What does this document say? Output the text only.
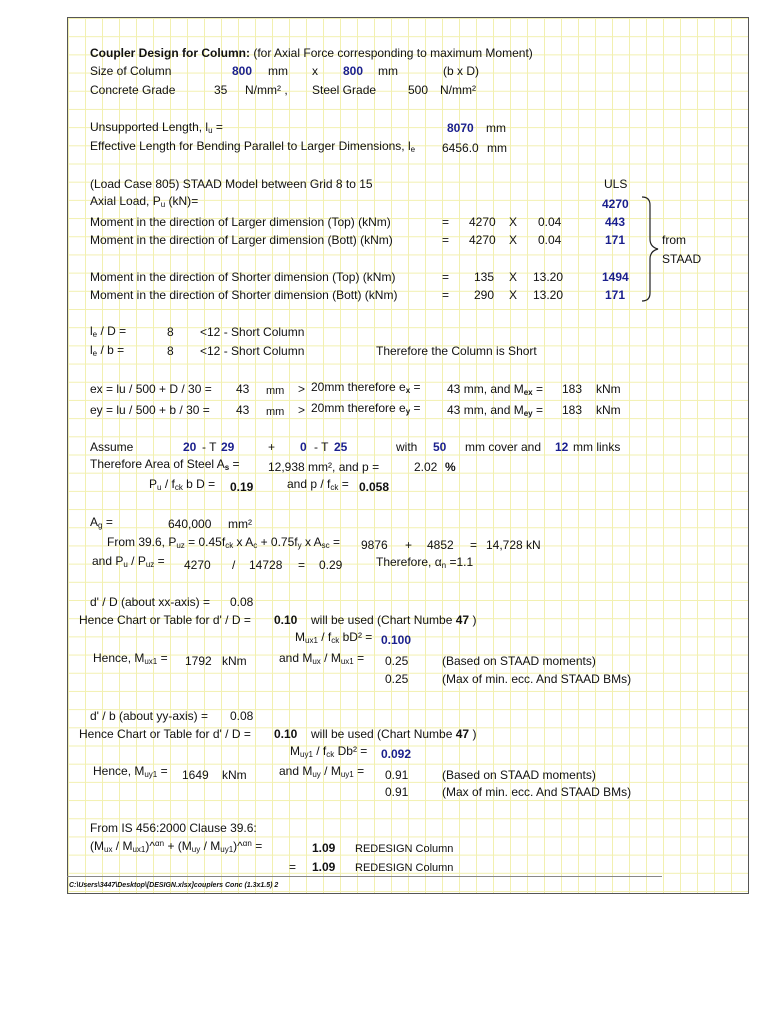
Coupler Design for Column: (for Axial Force corresponding to maximum Moment)
Size of Column	800 mm x 800 mm	(b x D)
Concrete Grade	35 N/mm² , Steel Grade	500 N/mm²
Unsupported Length, $l_u$ =	8070 mm
Effective Length for Bending Parallel to Larger Dimensions, $l_e$ 6456.0 mm
(Load Case 805) STAAD Model between Grid 8 to 15	ULS
Axial Load, $P_u$ (kN)=	4270
Moment in the direction of Larger dimension (Top) (kNm)	= 4270 X 0.04	443
Moment in the direction of Larger dimension (Bott) (kNm)	= 4270 X 0.04	171
Moment in the direction of Shorter dimension (Top) (kNm)	= 135 X 13.20	1494
Moment in the direction of Shorter dimension (Bott) (kNm)	= 290 X 13.20	171
from
STAAD
$l_e$ / D =	8 <12 - Short Column
$l_e$ / b =	8 <12 - Short Column	Therefore the Column is Short
ex = lu / 500 + D / 30 = 43 mm > 20mm therefore $e_x = 43$ mm, and $M_{ex} = 183$ kNm
ey = lu / 500 + b / 30 = 43 mm > 20mm therefore $e_y = 43$ mm, and $M_{ey} = 183$ kNm
Assume	20 - T 29	+ 0 - T 25	with 50 mm cover and 12 mm links
Therefore Area of Steel $A_s = 12,938$ mm², and p =	2.02 %
$P_u / f_{ck}$ b D = 0.19	and $p / f_{ck} = 0.058$
$A_g$ =	640,000 mm²
From 39.6, $P_{uz} = 0.45f_{ck}$ x $A_c + 0.75f_y$ x $A_{sc} = 9876 + 4852 = 14,728$ kN
and $P_u / P_{uz} = 4270 / 14728 = 0.29$	Therefore, $\alpha_n =1.1$
d' / D (about xx-axis) = 0.08
Hence Chart or Table for d' / D = 0.10 will be used (Chart Numbe 47 )
$M_{ux1} / f_{ck}$ bD² = 0.100
Hence, $M_{ux1} = 1792$ kNm	and $M_{ux} / M_{ux1} = 0.25$	(Based on STAAD moments)
0.25	(Max of min. ecc. And STAAD BMs)
d' / b (about yy-axis) = 0.08
Hence Chart or Table for d' / D = 0.10 will be used (Chart Numbe 47 )
$M_{uy1} / f_{ck}$ Db² = 0.092
Hence, $M_{uy1} = 1649$ kNm	and $M_{uy} / M_{uy1} = 0.91$	(Based on STAAD moments)
0.91	(Max of min. ecc. And STAAD BMs)
From IS 456:2000 Clause 39.6:
($M_{ux}$ / $M_{ux1})\^{}^{\alpha n} + (M_{uy}$ / $M_{uy1})\^{}^{\alpha n}$ =	1.09 REDESIGN Column
= 1.09 REDESIGN Column
C:\Users\3447\Desktop\[DESIGN.xlsx]couplers Conc (1.3x1.5) 2
